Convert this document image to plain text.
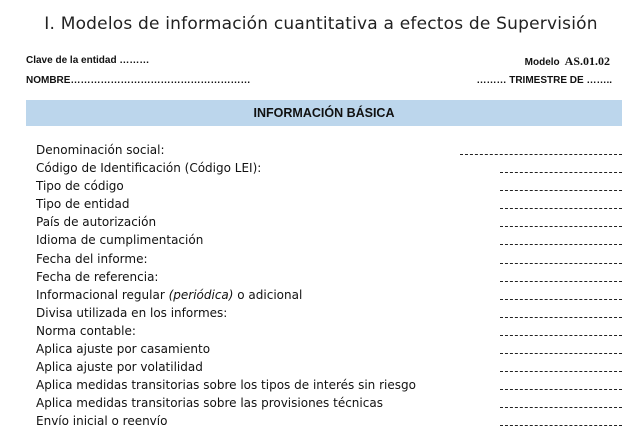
I. Modelos de información cuantitativa a efectos de Supervisión
Clave de la entidad ………	Modelo AS.01.02
NOMBRE………………………………………………	……… TRIMESTRE DE ……..
INFORMACIÓN BÁSICA
Denominación social:
Código de Identificación (Código LEI):
Tipo de código
Tipo de entidad
País de autorización
Idioma de cumplimentación
Fecha del informe:
Fecha de referencia:
Informacional regular (periódica) o adicional
Divisa utilizada en los informes:
Norma contable:
Aplica ajuste por casamiento
Aplica ajuste por volatilidad
Aplica medidas transitorias sobre los tipos de interés sin riesgo
Aplica medidas transitorias sobre las provisiones técnicas
Envío inicial o reenvío
